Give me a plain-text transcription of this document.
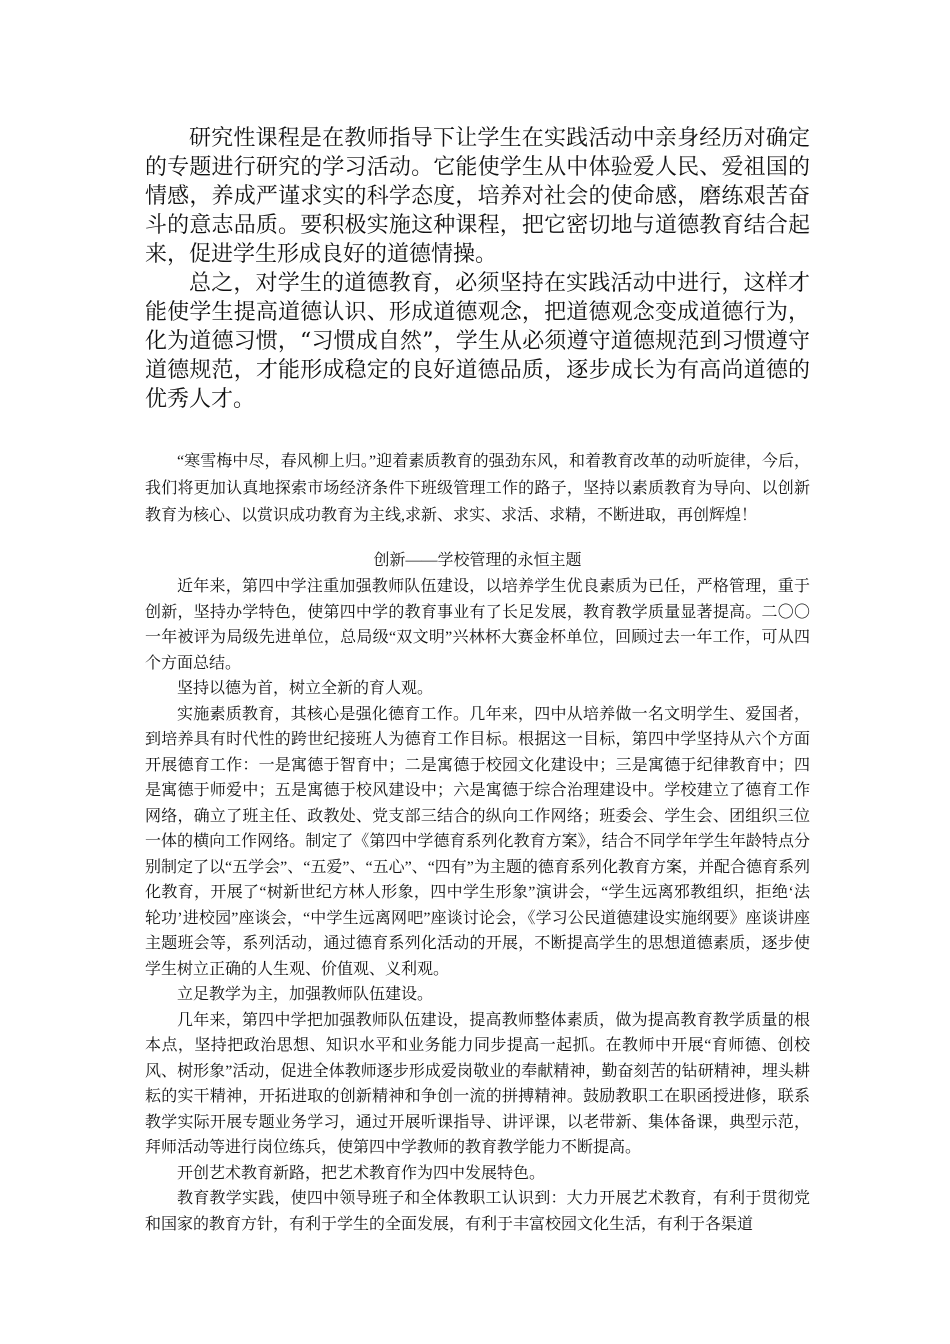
研究性课程是在教师指导下让学生在实践活动中亲身经历对确定的专题进行研究的学习活动。它能使学生从中体验爱人民、爱祖国的情感，养成严谨求实的科学态度，培养对社会的使命感，磨练艰苦奋斗的意志品质。要积极实施这种课程，把它密切地与道德教育结合起来，促进学生形成良好的道德情操。

总之，对学生的道德教育，必须坚持在实践活动中进行，这样才能使学生提高道德认识、形成道德观念，把道德观念变成道德行为，化为道德习惯，“习惯成自然”，学生从必须遵守道德规范到习惯遵守道德规范，才能形成稳定的良好道德品质，逐步成长为有高尚道德的优秀人才。

“寒雪梅中尽，春风柳上归。”迎着素质教育的强劲东风，和着教育改革的动听旋律，今后，我们将更加认真地探索市场经济条件下班级管理工作的路子，坚持以素质教育为导向、以创新教育为核心、以赏识成功教育为主线,求新、求实、求活、求精，不断进取，再创辉煌！

创新——学校管理的永恒主题

近年来，第四中学注重加强教师队伍建设，以培养学生优良素质为已任，严格管理，重于创新，坚持办学特色，使第四中学的教育事业有了长足发展，教育教学质量显著提高。二〇〇一年被评为局级先进单位，总局级“双文明”兴林杯大赛金杯单位，回顾过去一年工作，可从四个方面总结。

坚持以德为首，树立全新的育人观。

实施素质教育，其核心是强化德育工作。几年来，四中从培养做一名文明学生、爱国者，到培养具有时代性的跨世纪接班人为德育工作目标。根据这一目标，第四中学坚持从六个方面开展德育工作：一是寓德于智育中；二是寓德于校园文化建设中；三是寓德于纪律教育中；四是寓德于师爱中；五是寓德于校风建设中；六是寓德于综合治理建设中。学校建立了德育工作网络，确立了班主任、政教处、党支部三结合的纵向工作网络；班委会、学生会、团组织三位一体的横向工作网络。制定了《第四中学德育系列化教育方案》，结合不同学年学生年龄特点分别制定了以“五学会”、“五爱”、“五心”、“四有”为主题的德育系列化教育方案，并配合德育系列化教育，开展了“树新世纪方林人形象，四中学生形象”演讲会，“学生远离邪教组织，拒绝‘法轮功’进校园”座谈会，“中学生远离网吧”座谈讨论会，《学习公民道德建设实施纲要》座谈讲座主题班会等，系列活动，通过德育系列化活动的开展，不断提高学生的思想道德素质，逐步使学生树立正确的人生观、价值观、义利观。

立足教学为主，加强教师队伍建设。

几年来，第四中学把加强教师队伍建设，提高教师整体素质，做为提高教育教学质量的根本点，坚持把政治思想、知识水平和业务能力同步提高一起抓。在教师中开展“育师德、创校风、树形象”活动，促进全体教师逐步形成爱岗敬业的奉献精神，勤奋刻苦的钻研精神，埋头耕耘的实干精神，开拓进取的创新精神和争创一流的拼搏精神。鼓励教职工在职函授进修，联系教学实际开展专题业务学习，通过开展听课指导、讲评课，以老带新、集体备课，典型示范，拜师活动等进行岗位练兵，使第四中学教师的教育教学能力不断提高。

开创艺术教育新路，把艺术教育作为四中发展特色。

教育教学实践，使四中领导班子和全体教职工认识到：大力开展艺术教育，有利于贯彻党和国家的教育方针，有利于学生的全面发展，有利于丰富校园文化生活，有利于各渠道
